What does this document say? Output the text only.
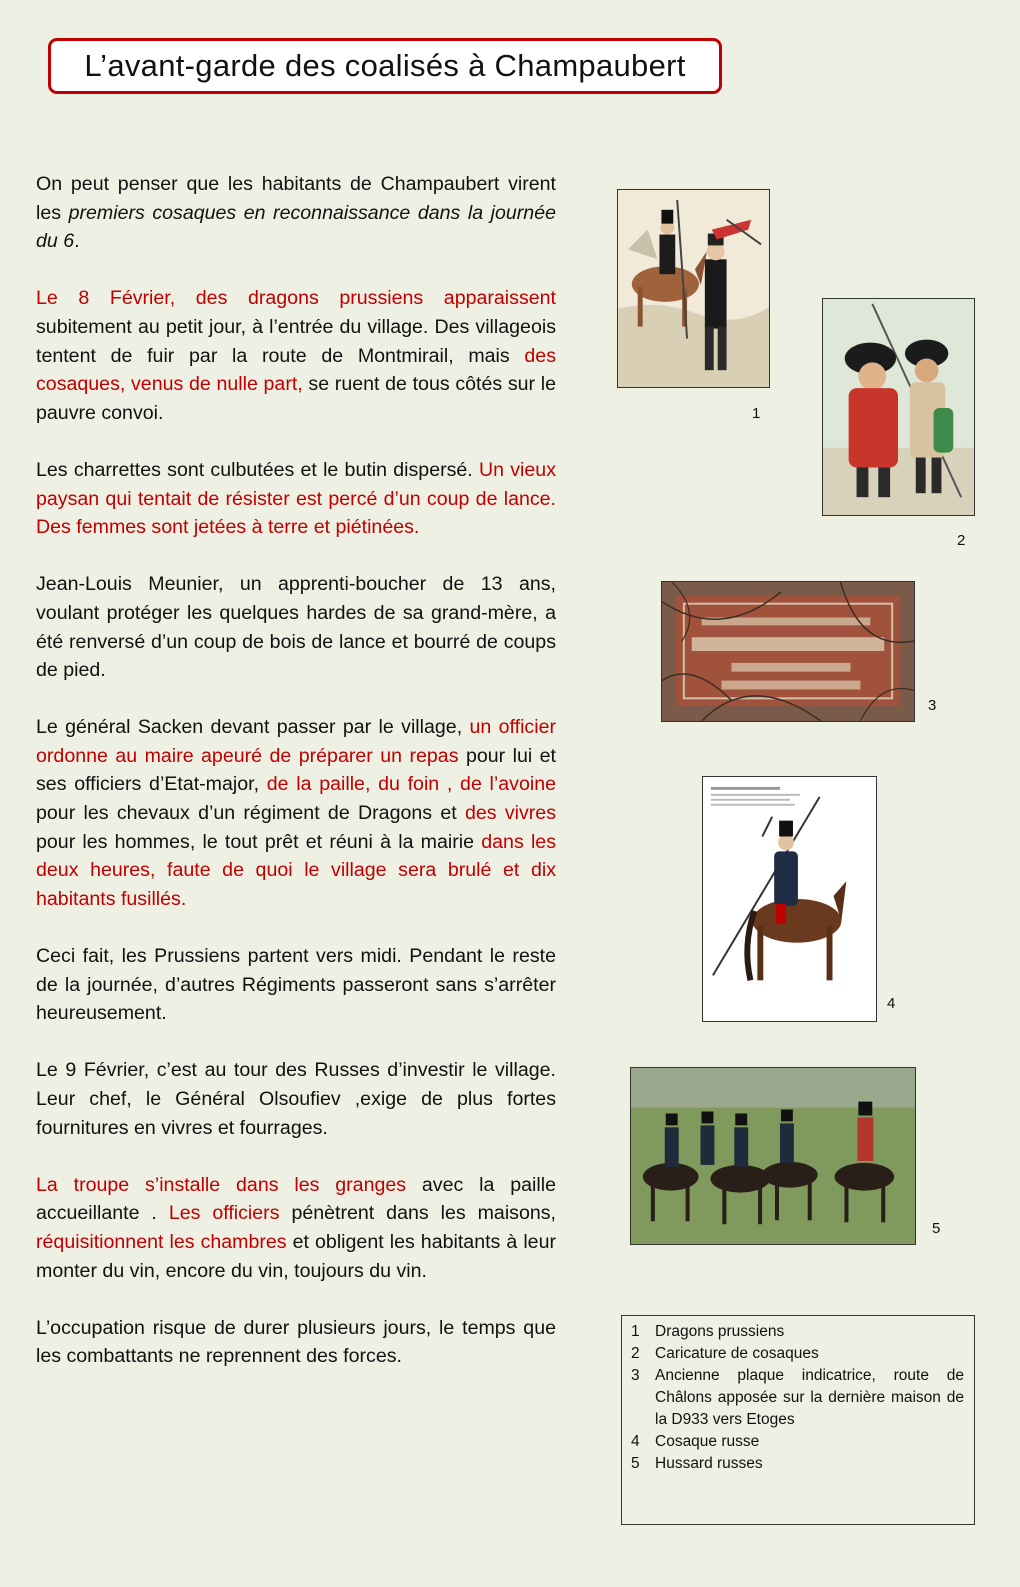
L’avant-garde des coalisés à Champaubert

On peut penser que les habitants de Champaubert virent les premiers cosaques en reconnaissance dans la journée du 6.

Le 8 Février, des dragons prussiens apparaissent subitement au petit jour, à l’entrée du village. Des villageois tentent de fuir par la route de Montmirail, mais des cosaques, venus de nulle part, se ruent de tous côtés sur le pauvre convoi.

Les charrettes sont culbutées et le butin dispersé. Un vieux paysan qui tentait de résister est percé d’un coup de lance. Des femmes sont jetées à terre et piétinées.

Jean-Louis Meunier, un apprenti-boucher de 13 ans, voulant protéger les quelques hardes de sa grand-mère, a été renversé d’un coup de bois de lance et bourré de coups de pied.

Le général Sacken devant passer par le village, un officier ordonne au maire apeuré de préparer un repas pour lui et ses officiers d’Etat-major, de la paille, du foin , de l’avoine pour les chevaux d’un régiment de Dragons et des vivres pour les hommes, le tout prêt et réuni à la mairie dans les deux heures, faute de quoi le village sera brulé et dix habitants fusillés.

Ceci fait, les Prussiens partent vers midi. Pendant le reste de la journée, d’autres Régiments passeront sans s’arrêter heureusement.

Le 9 Février, c’est au tour des Russes d’investir le village. Leur chef, le Général Olsoufiev ,exige de plus fortes fournitures en vivres et fourrages.

La troupe s’installe dans les granges avec la paille accueillante . Les officiers pénètrent dans les maisons, réquisitionnent les chambres et obligent les habitants à leur monter du vin, encore du vin, toujours du vin.

L’occupation risque de durer plusieurs jours, le temps que les combattants ne reprennent des forces.

1
2
3
4
5
1 Dragons prussiens
2 Caricature de cosaques
3 Ancienne plaque indicatrice, route de Châlons apposée sur la dernière maison de la D933 vers Etoges
4 Cosaque russe
5 Hussard russes
